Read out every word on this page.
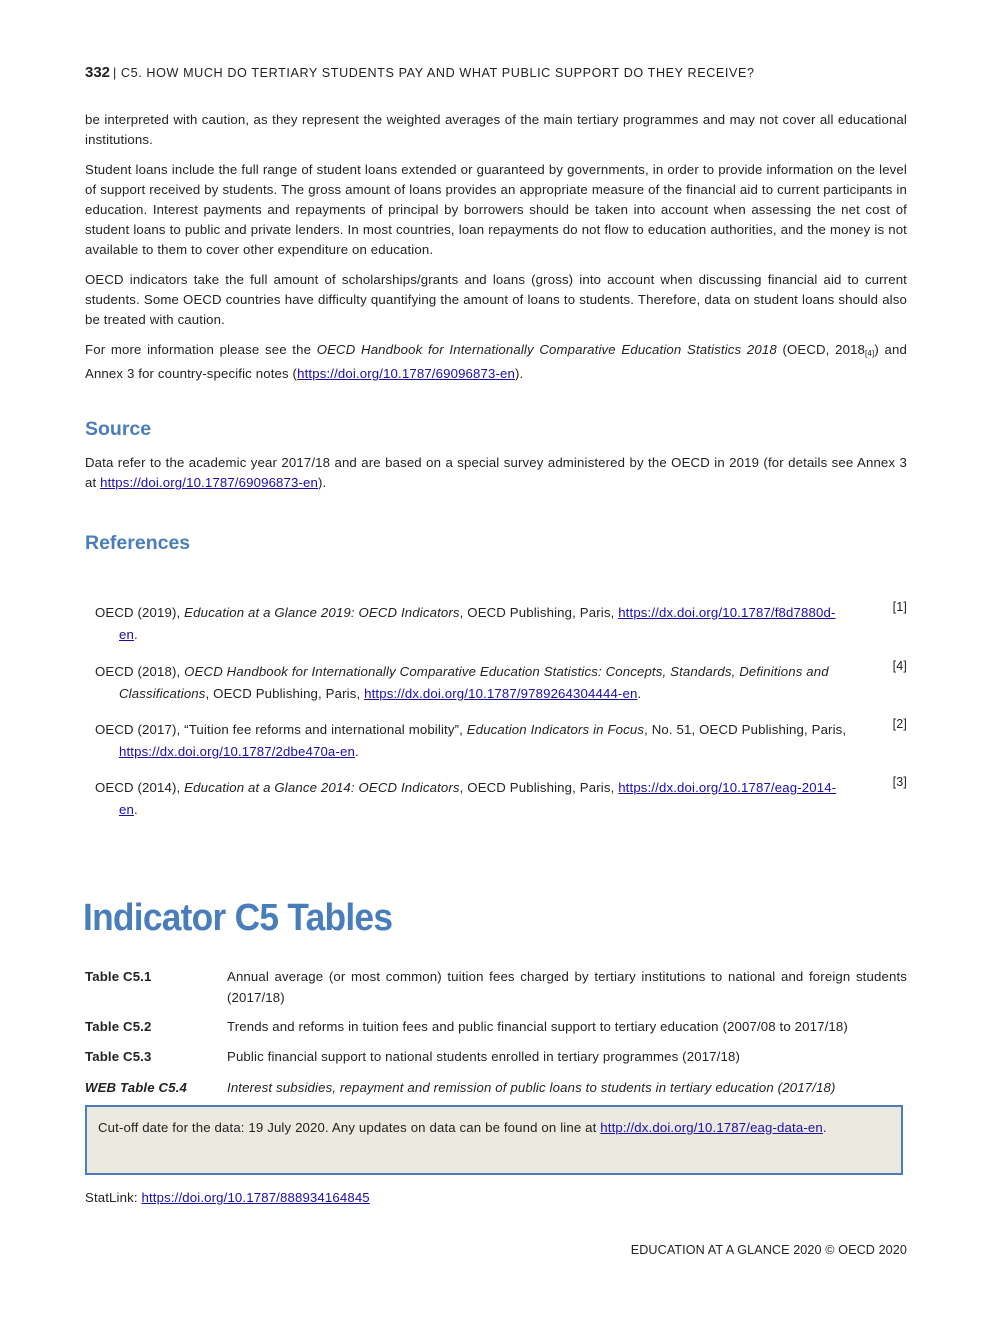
332 | C5. HOW MUCH DO TERTIARY STUDENTS PAY AND WHAT PUBLIC SUPPORT DO THEY RECEIVE?

be interpreted with caution, as they represent the weighted averages of the main tertiary programmes and may not cover all educational institutions.

Student loans include the full range of student loans extended or guaranteed by governments, in order to provide information on the level of support received by students. The gross amount of loans provides an appropriate measure of the financial aid to current participants in education. Interest payments and repayments of principal by borrowers should be taken into account when assessing the net cost of student loans to public and private lenders. In most countries, loan repayments do not flow to education authorities, and the money is not available to them to cover other expenditure on education.

OECD indicators take the full amount of scholarships/grants and loans (gross) into account when discussing financial aid to current students. Some OECD countries have difficulty quantifying the amount of loans to students. Therefore, data on student loans should also be treated with caution.

For more information please see the OECD Handbook for Internationally Comparative Education Statistics 2018 (OECD, $2018_{[4]}$) and Annex 3 for country-specific notes (https://doi.org/10.1787/69096873-en).

Source

Data refer to the academic year 2017/18 and are based on a special survey administered by the OECD in 2019 (for details see Annex 3 at https://doi.org/10.1787/69096873-en).

References
OECD (2019), Education at a Glance 2019: OECD Indicators, OECD Publishing, Paris, https://dx.doi.org/10.1787/f8d7880d-en.
[1]
OECD (2018), OECD Handbook for Internationally Comparative Education Statistics: Concepts, Standards, Definitions and Classifications, OECD Publishing, Paris, https://dx.doi.org/10.1787/9789264304444-en.
[4]
OECD (2017), “Tuition fee reforms and international mobility”, Education Indicators in Focus, No. 51, OECD Publishing, Paris, https://dx.doi.org/10.1787/2dbe470a-en.
[2]
OECD (2014), Education at a Glance 2014: OECD Indicators, OECD Publishing, Paris, https://dx.doi.org/10.1787/eag-2014-en.
[3]
Indicator C5 Tables
Table C5.1	Annual average (or most common) tuition fees charged by tertiary institutions to national and foreign students (2017/18)
Table C5.2	Trends and reforms in tuition fees and public financial support to tertiary education (2007/08 to 2017/18)
Table C5.3	Public financial support to national students enrolled in tertiary programmes (2017/18)
WEB Table C5.4	Interest subsidies, repayment and remission of public loans to students in tertiary education (2017/18)
Cut-off date for the data: 19 July 2020. Any updates on data can be found on line at http://dx.doi.org/10.1787/eag-data-en.
StatLink: https://doi.org/10.1787/888934164845
EDUCATION AT A GLANCE 2020 © OECD 2020
